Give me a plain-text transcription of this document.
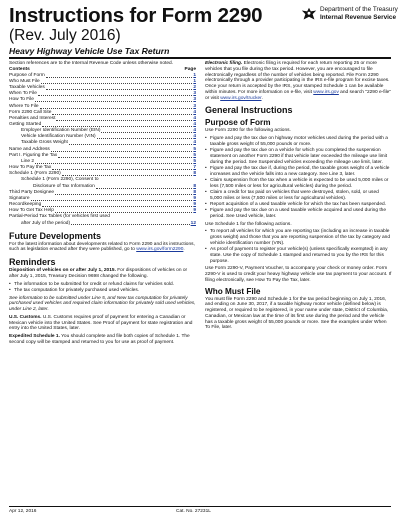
Instructions for Form 2290
(Rev. July 2016)
Heavy Highway Vehicle Use Tax Return
Department of the Treasury
Internal Revenue Service

Section references are to the Internal Revenue Code unless otherwise noted.

Contents	Page
Purpose of Form	1
Who Must File	1
Taxable Vehicles	2
When To File	3
How To File	3
Where To File	3
Form 2290 Call Site	4
Penalties and Interest	4
Getting Started	4
Employer Identification Number (EIN)	4
Vehicle Identification Number (VIN)	4
Taxable Gross Weight	4
Name and Address	5
Part I. Figuring the Tax	5
Line 2	5
How To Pay the Tax	7
Schedule 1 (Form 2290)	8
Schedule 1 (Form 2290), Consent to
Disclosure of Tax Information	8
Third Party Designee	8
Signature	9
Recordkeeping	9
How To Get Tax Help	9
Partial-Period Tax Tables (for vehicles first used
after July of the period)	12
Future Developments

For the latest information about developments related to Form 2290 and its instructions, such as legislation enacted after they were published, go to www.irs.gov/form2290.

Reminders

Disposition of vehicles on or after July 1, 2015. For dispositions of vehicles on or after July 1, 2015, Treasury Decision 9698 changed the following.

• The information to be submitted for credit or refund claims for vehicles sold.
• The tax computation for privately purchased used vehicles.

See information to be submitted under Line 5, and New tax computation for privately purchased used vehicles and required claim information for privately sold used vehicles, under Line 2, later.

U.S. Customs. U.S. Customs requires proof of payment for entering a Canadian or Mexican vehicle into the United States. See Proof of payment for state registration and entry into the United States, later.

Expedited Schedule 1. You should complete and file both copies of Schedule 1. The second copy will be stamped and returned to you for use as proof of payment.

Electronic filing. Electronic filing is required for each return reporting 25 or more vehicles that you file during the tax period. However, you are encouraged to file electronically regardless of the number of vehicles being reported. File Form 2290 electronically through a provider participating in the IRS e-file program for excise taxes. Once your return is accepted by the IRS, your stamped Schedule 1 can be available within minutes. For more information on e-file, visit www.irs.gov and search "2290 e-file" or visit www.irs.gov/trucker.

General Instructions
Purpose of Form

Use Form 2290 for the following actions.

• Figure and pay the tax due on highway motor vehicles used during the period with a taxable gross weight of 55,000 pounds or more.
• Figure and pay the tax due on a vehicle for which you completed the suspension statement on another Form 2290 if that vehicle later exceeded the mileage use limit during the period. See Suspended vehicles exceeding the mileage use limit, later.
• Figure and pay the tax due if, during the period, the taxable gross weight of a vehicle increases and the vehicle falls into a new category. See Line 3, later.
• Claim suspension from the tax when a vehicle is expected to be used 5,000 miles or less (7,500 miles or less for agricultural vehicles) during the period.
• Claim a credit for tax paid on vehicles that were destroyed, stolen, sold, or used 5,000 miles or less (7,500 miles or less for agricultural vehicles).
• Report acquisition of a used taxable vehicle for which the tax has been suspended.
• Figure and pay the tax due on a used taxable vehicle acquired and used during the period. See Used vehicle, later.

Use Schedule 1 for the following actions.

• To report all vehicles for which you are reporting tax (including an increase in taxable gross weight) and those that you are reporting suspension of the tax by category and vehicle identification number (VIN).
• As proof of payment to register your vehicle(s) (unless specifically exempted) in any state. Use the copy of Schedule 1 stamped and returned to you by the IRS for this purpose.

Use Form 2290-V, Payment Voucher, to accompany your check or money order. Form 2290-V is used to credit your heavy highway vehicle use tax payment to your account. If filing electronically, see How To Pay the Tax, later.

Who Must File

You must file Form 2290 and Schedule 1 for the tax period beginning on July 1, 2016, and ending on June 30, 2017, if a taxable highway motor vehicle (defined below) is registered, or required to be registered, in your name under state, District of Columbia, Canadian, or Mexican law at the time of its first use during the period and the vehicle has a taxable gross weight of 55,000 pounds or more. See the examples under When To File, later.

Apr 12, 2016	Cat. No. 27231L
